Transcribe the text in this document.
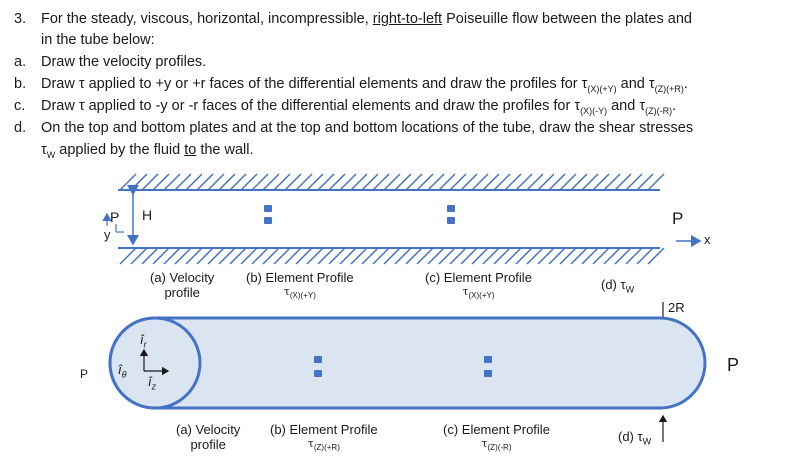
3. For the steady, viscous, horizontal, incompressible, right-to-left Poiseuille flow between the plates and
in the tube below:
a. Draw the velocity profiles.
b. Draw τ applied to +y or +r faces of the differential elements and draw the profiles for $\tau_{(X)(+Y)}$ and $\tau_{(Z)(+R)}$.
c. Draw τ applied to -y or -r faces of the differential elements and draw the profiles for $\tau_{(X)(-Y)}$ and $\tau_{(Z)(-R)}$.
d. On the top and bottom plates and at the top and bottom locations of the tube, draw the shear stresses
$\tau_W$ applied by the fluid to the wall.
y
P H	P
x
(a) Velocity
profile
(b) Element Profile
$\tau_{(X)(+Y)}$
(c) Element Profile
$\tau_{(X)(+Y)}$
(d) $\tau_W$
2R
P	P
$î_r$
$î_\theta$ $î_z$
(a) Velocity
profile
(b) Element Profile
$\tau_{(Z)(+R)}$
(c) Element Profile
$\tau_{(Z)(-R)}$
(d) $\tau_W$
